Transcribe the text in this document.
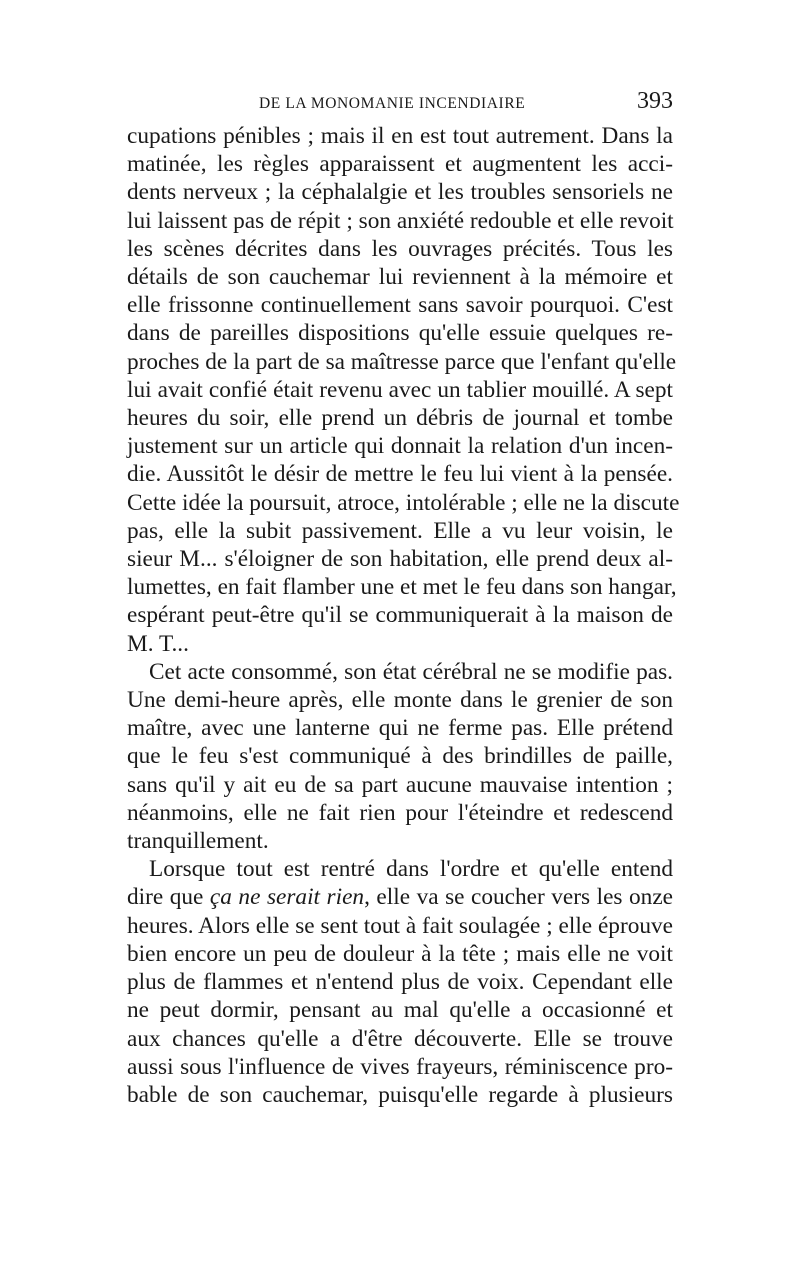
DE LA MONOMANIE INCENDIAIRE	393
cupations pénibles ; mais il en est tout autrement. Dans la
matinée, les règles apparaissent et augmentent les acci-
dents nerveux ; la céphalalgie et les troubles sensoriels ne
lui laissent pas de répit ; son anxiété redouble et elle revoit
les scènes décrites dans les ouvrages précités. Tous les
détails de son cauchemar lui reviennent à la mémoire et
elle frissonne continuellement sans savoir pourquoi. C'est
dans de pareilles dispositions qu'elle essuie quelques re-
proches de la part de sa maîtresse parce que l'enfant qu'elle
lui avait confié était revenu avec un tablier mouillé. A sept
heures du soir, elle prend un débris de journal et tombe
justement sur un article qui donnait la relation d'un incen-
die. Aussitôt le désir de mettre le feu lui vient à la pensée.
Cette idée la poursuit, atroce, intolérable ; elle ne la discute
pas, elle la subit passivement. Elle a vu leur voisin, le
sieur M... s'éloigner de son habitation, elle prend deux al-
lumettes, en fait flamber une et met le feu dans son hangar,
espérant peut-être qu'il se communiquerait à la maison de
M. T...
Cet acte consommé, son état cérébral ne se modifie pas.
Une demi-heure après, elle monte dans le grenier de son
maître, avec une lanterne qui ne ferme pas. Elle prétend
que le feu s'est communiqué à des brindilles de paille,
sans qu'il y ait eu de sa part aucune mauvaise intention ;
néanmoins, elle ne fait rien pour l'éteindre et redescend
tranquillement.
Lorsque tout est rentré dans l'ordre et qu'elle entend
dire que ça ne serait rien, elle va se coucher vers les onze
heures. Alors elle se sent tout à fait soulagée ; elle éprouve
bien encore un peu de douleur à la tête ; mais elle ne voit
plus de flammes et n'entend plus de voix. Cependant elle
ne peut dormir, pensant au mal qu'elle a occasionné et
aux chances qu'elle a d'être découverte. Elle se trouve
aussi sous l'influence de vives frayeurs, réminiscence pro-
bable de son cauchemar, puisqu'elle regarde à plusieurs
